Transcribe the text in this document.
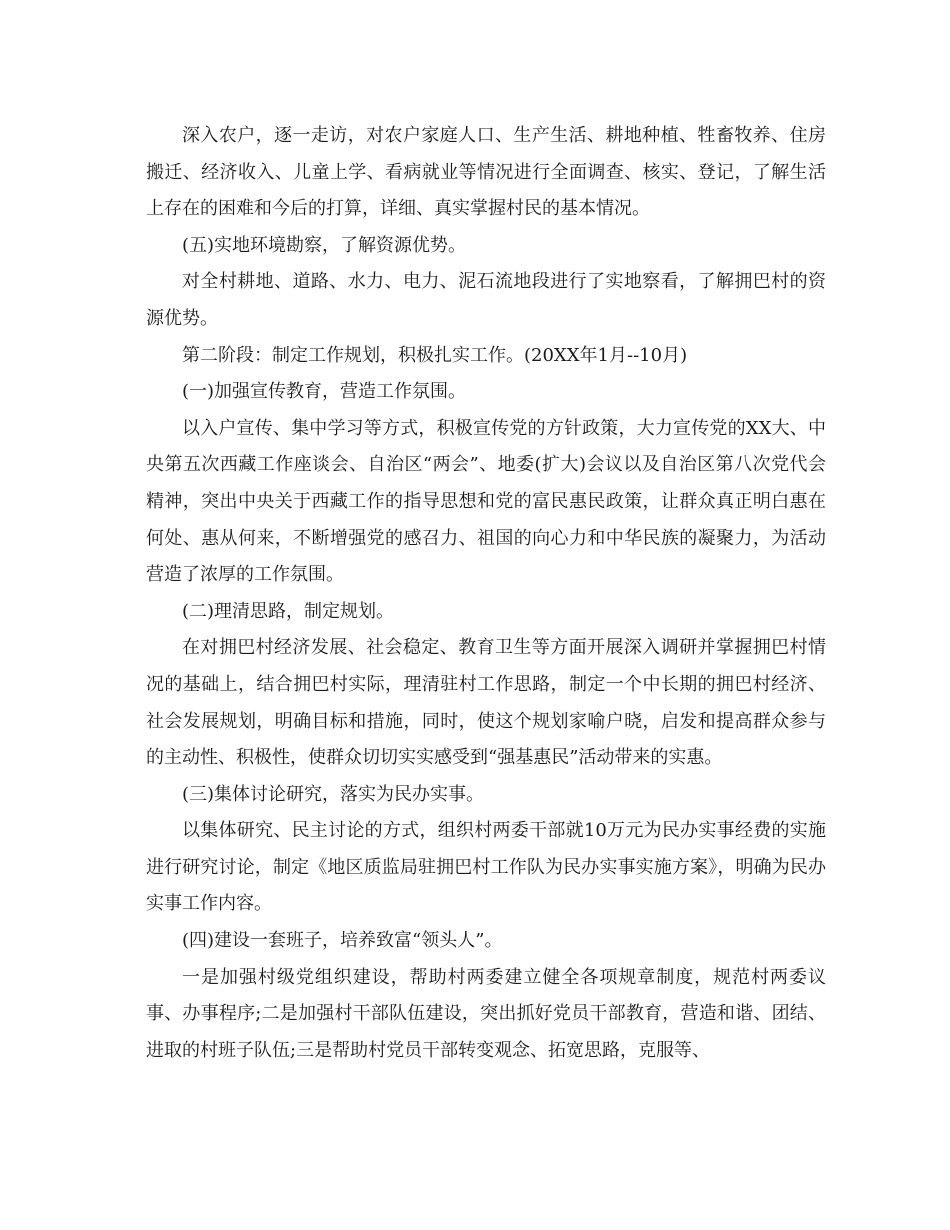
深入农户，逐一走访，对农户家庭人口、生产生活、耕地种植、牲畜牧养、住房搬迁、经济收入、儿童上学、看病就业等情况进行全面调查、核实、登记，了解生活上存在的困难和今后的打算，详细、真实掌握村民的基本情况。

(五)实地环境勘察，了解资源优势。

对全村耕地、道路、水力、电力、泥石流地段进行了实地察看，了解拥巴村的资源优势。

第二阶段：制定工作规划，积极扎实工作。(20XX年1月--10月)

(一)加强宣传教育，营造工作氛围。

以入户宣传、集中学习等方式，积极宣传党的方针政策，大力宣传党的XX大、中央第五次西藏工作座谈会、自治区“两会”、地委(扩大)会议以及自治区第八次党代会精神，突出中央关于西藏工作的指导思想和党的富民惠民政策，让群众真正明白惠在何处、惠从何来，不断增强党的感召力、祖国的向心力和中华民族的凝聚力，为活动营造了浓厚的工作氛围。

(二)理清思路，制定规划。

在对拥巴村经济发展、社会稳定、教育卫生等方面开展深入调研并掌握拥巴村情况的基础上，结合拥巴村实际，理清驻村工作思路，制定一个中长期的拥巴村经济、社会发展规划，明确目标和措施，同时，使这个规划家喻户晓，启发和提高群众参与的主动性、积极性，使群众切切实实感受到“强基惠民”活动带来的实惠。

(三)集体讨论研究，落实为民办实事。

以集体研究、民主讨论的方式，组织村两委干部就10万元为民办实事经费的实施进行研究讨论，制定《地区质监局驻拥巴村工作队为民办实事实施方案》，明确为民办实事工作内容。

(四)建设一套班子，培养致富“领头人”。

一是加强村级党组织建设，帮助村两委建立健全各项规章制度，规范村两委议事、办事程序;二是加强村干部队伍建设，突出抓好党员干部教育，营造和谐、团结、进取的村班子队伍;三是帮助村党员干部转变观念、拓宽思路，克服等、
